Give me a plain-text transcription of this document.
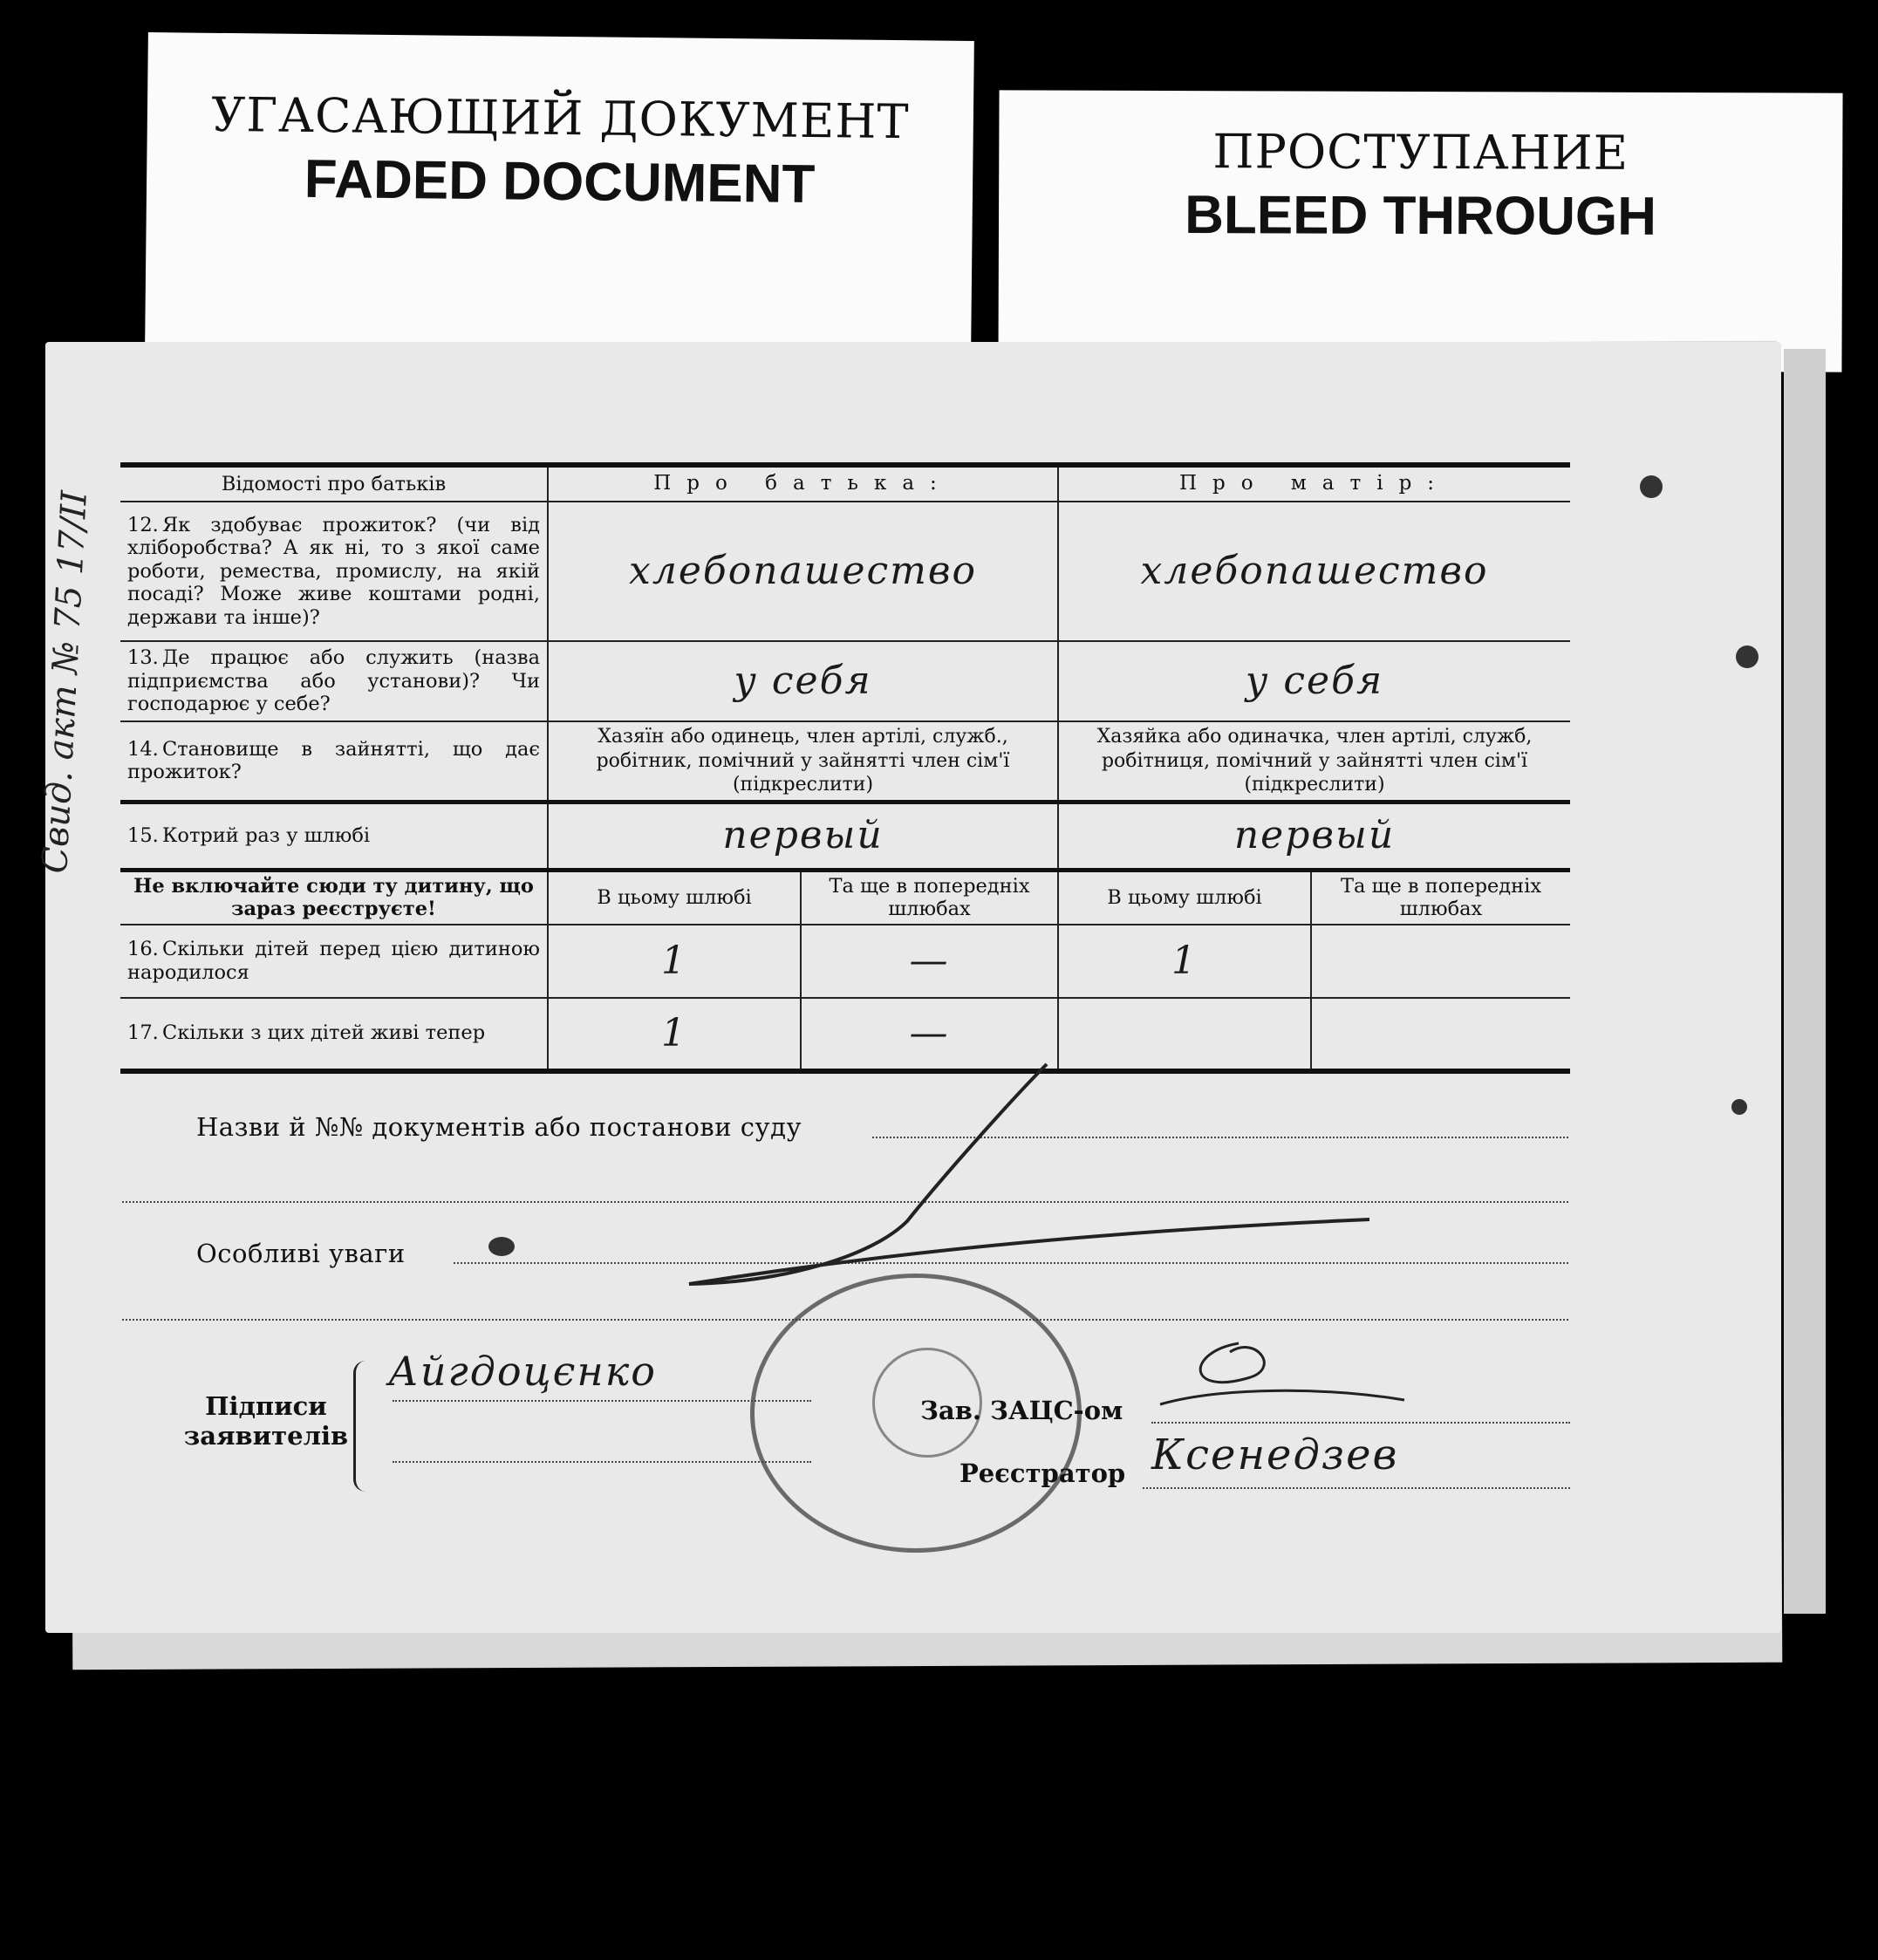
УГАСАЮЩИЙ ДОКУМЕНТ
FADED DOCUMENT	ПРОСТУПАНИЕ
BLEED THROUGH
Свид. акт № 75 17/II
Відомості про батьків	Про батька:		Про матір:	
12. Як здобуває прожиток? (чи від хліборобства? А як ні, то з якої саме роботи, ремества, промислу, на якій посаді? Може живе коштами родні, держави та інше)?	хлебопашество		хлебопашество	
13. Де працює або служить (назва підприємства або установи)? Чи господарює у себе?	у себя		у себя	
14. Становище в зайнятті, що дає прожиток?	Хазяїн або одинець, член артілі, служб., робітник, помічний у зайнятті член сім'ї (підкреслити)		Хазяйка або одиначка, член артілі, служб, робітниця, помічний у зайнятті член сім'ї (підкреслити)	
15. Котрий раз у шлюбі	первый		первый	
Не включайте сюди ту дитину, що зараз реєструєте!	В цьому шлюбі	Та ще в попередніх шлюбах	В цьому шлюбі	Та ще в попередніх шлюбах
16. Скільки дітей перед цією дитиною народилося	1	—	1	
17. Скільки з цих дітей живі тепер	1	—		
Назви й №№ документів або постанови суду
Особливі уваги
Підписи заявителів
Айгдоцєнко
Зав. ЗАЦС-ом
Реєстратор Ксенедзев
